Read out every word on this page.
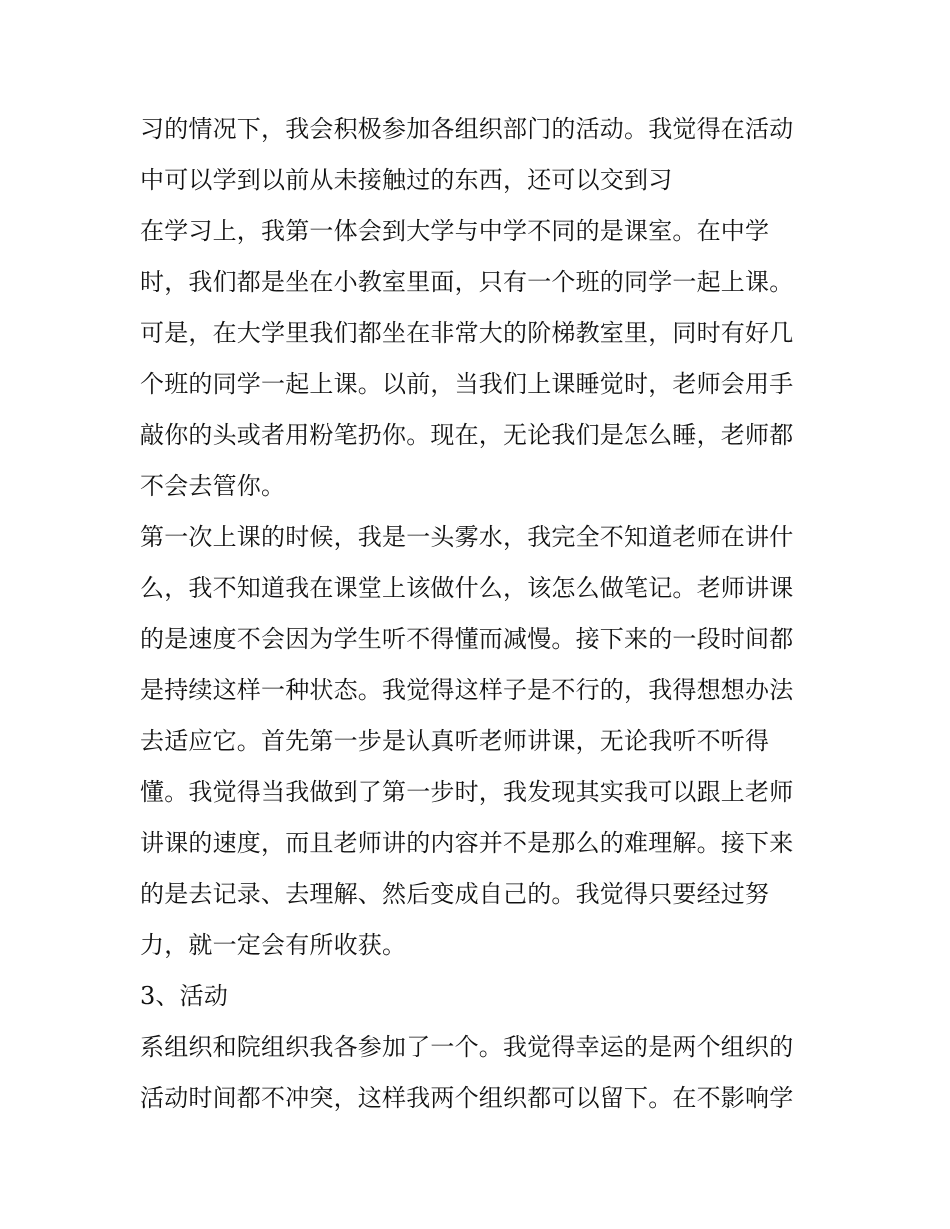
习的情况下，我会积极参加各组织部门的活动。我觉得在活动
中可以学到以前从未接触过的东西，还可以交到习
在学习上，我第一体会到大学与中学不同的是课室。在中学
时，我们都是坐在小教室里面，只有一个班的同学一起上课。
可是，在大学里我们都坐在非常大的阶梯教室里，同时有好几
个班的同学一起上课。以前，当我们上课睡觉时，老师会用手
敲你的头或者用粉笔扔你。现在，无论我们是怎么睡，老师都
不会去管你。
第一次上课的时候，我是一头雾水，我完全不知道老师在讲什
么，我不知道我在课堂上该做什么，该怎么做笔记。老师讲课
的是速度不会因为学生听不得懂而减慢。接下来的一段时间都
是持续这样一种状态。我觉得这样子是不行的，我得想想办法
去适应它。首先第一步是认真听老师讲课，无论我听不听得
懂。我觉得当我做到了第一步时，我发现其实我可以跟上老师
讲课的速度，而且老师讲的内容并不是那么的难理解。接下来
的是去记录、去理解、然后变成自己的。我觉得只要经过努
力，就一定会有所收获。
3、活动
系组织和院组织我各参加了一个。我觉得幸运的是两个组织的
活动时间都不冲突，这样我两个组织都可以留下。在不影响学
